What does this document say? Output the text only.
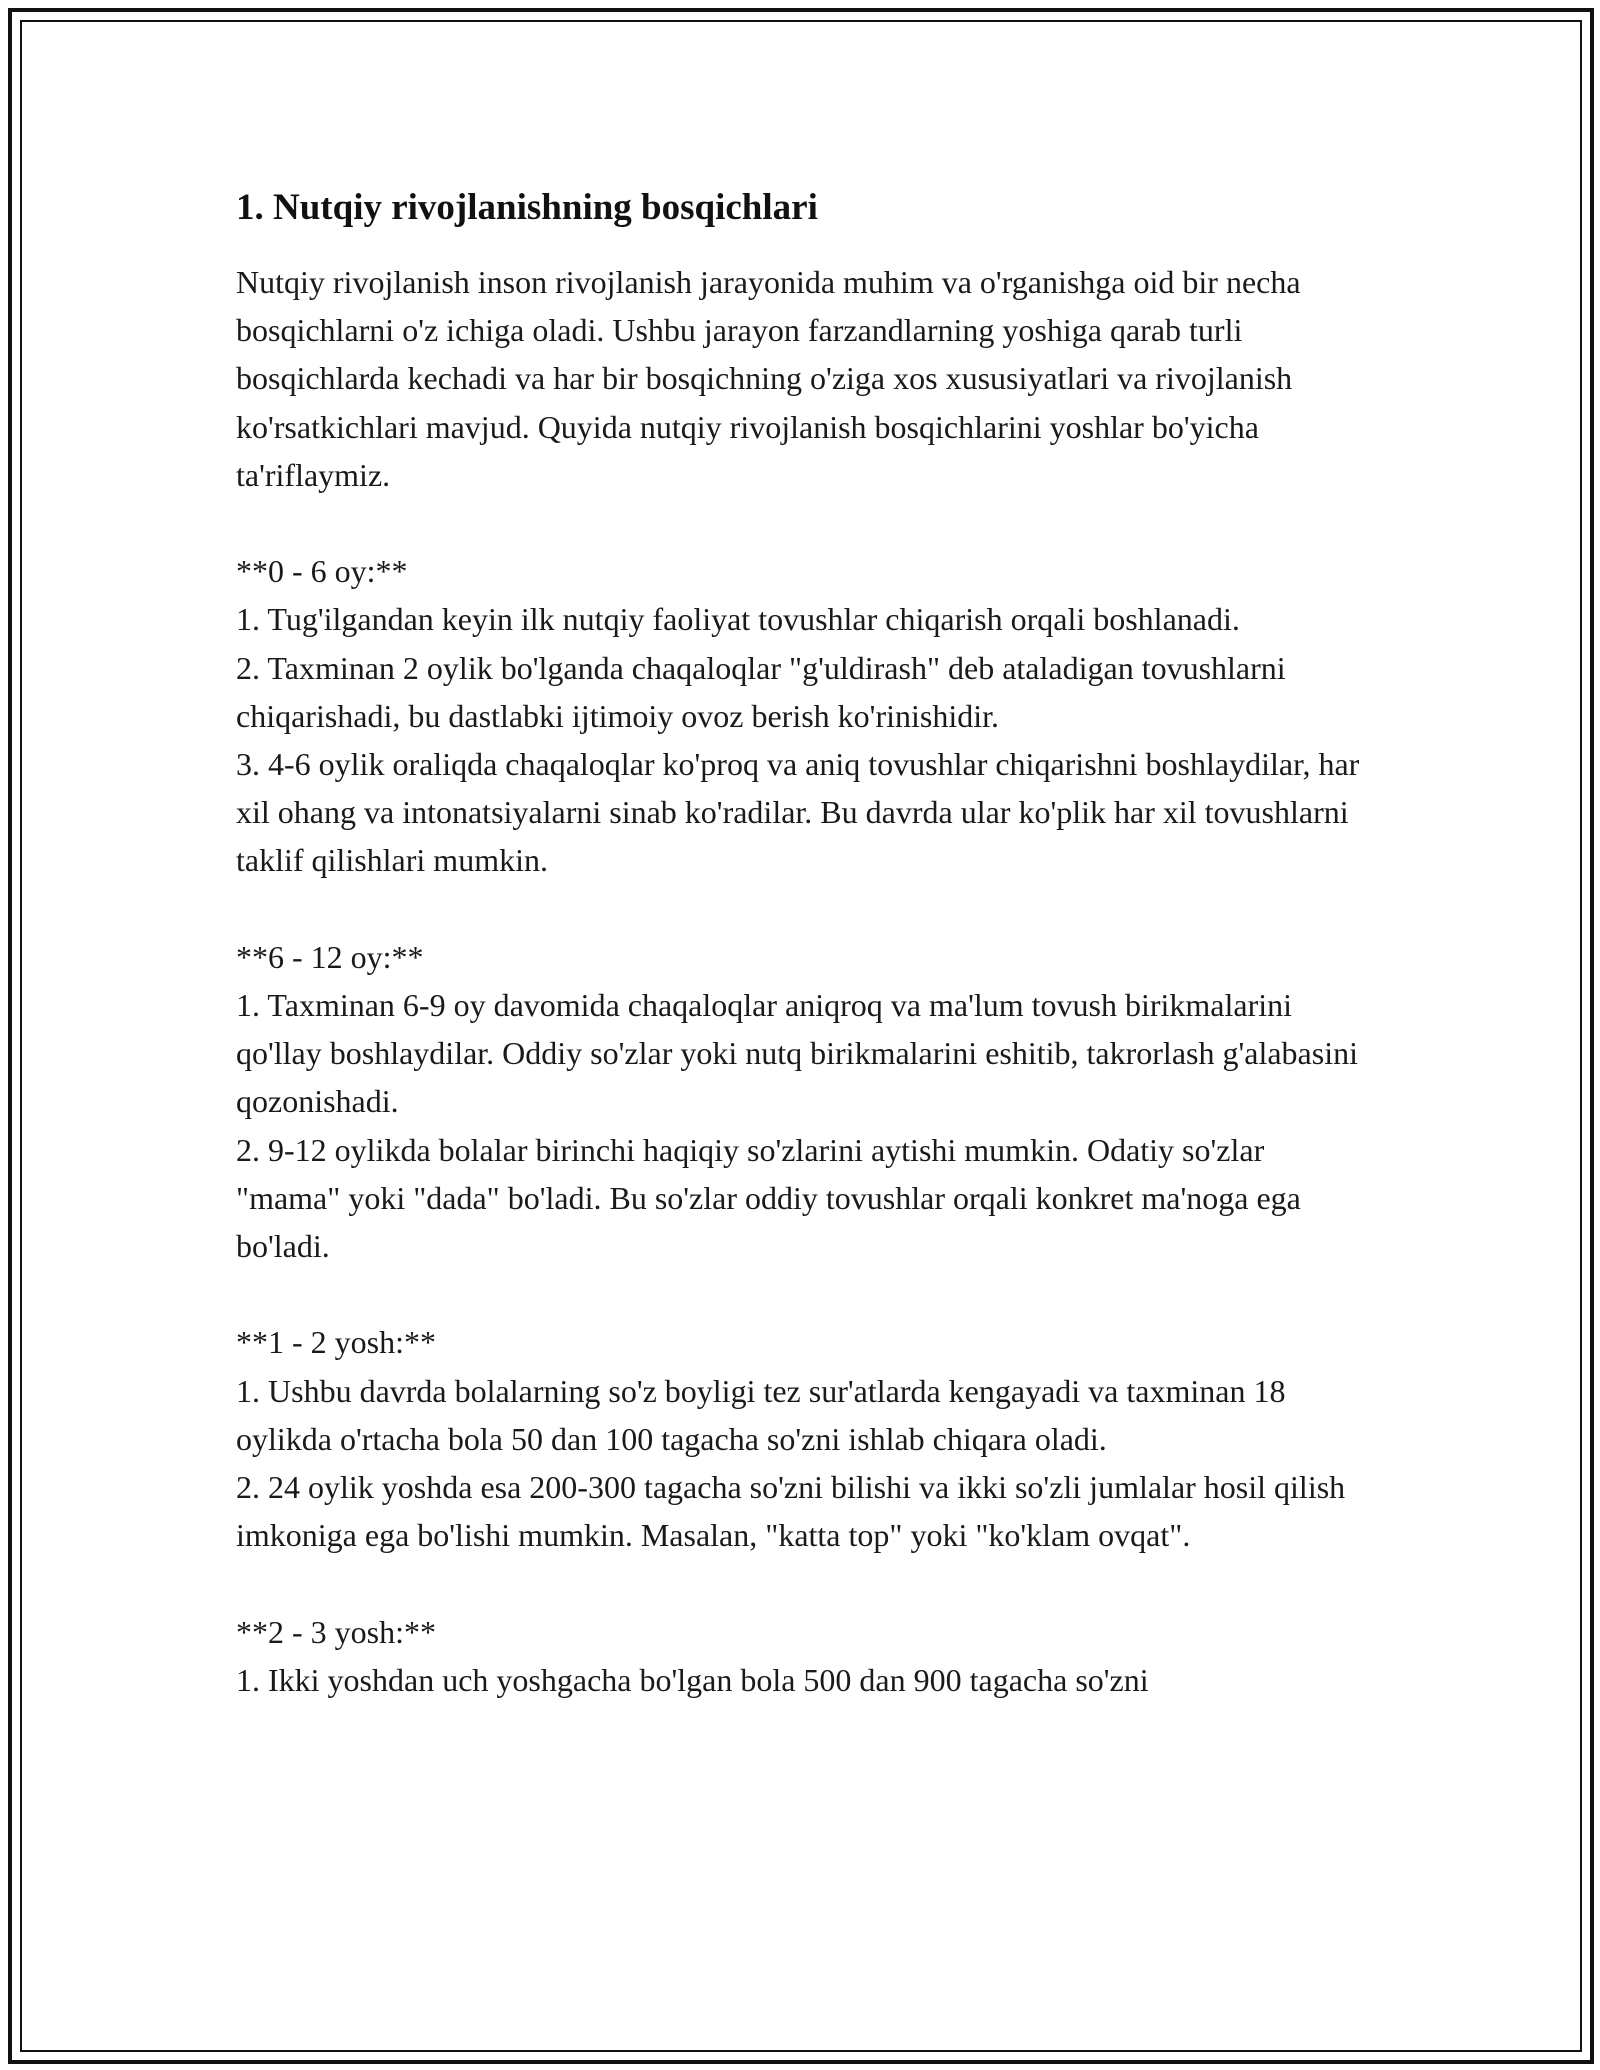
1. Nutqiy rivojlanishning bosqichlari

Nutqiy rivojlanish inson rivojlanish jarayonida muhim va o'rganishga oid bir necha bosqichlarni o'z ichiga oladi. Ushbu jarayon farzandlarning yoshiga qarab turli bosqichlarda kechadi va har bir bosqichning o'ziga xos xususiyatlari va rivojlanish ko'rsatkichlari mavjud. Quyida nutqiy rivojlanish bosqichlarini yoshlar bo'yicha ta'riflaymiz.

**0 - 6 oy:**

1. Tug'ilgandan keyin ilk nutqiy faoliyat tovushlar chiqarish orqali boshlanadi.

2. Taxminan 2 oylik bo'lganda chaqaloqlar "g'uldirash" deb ataladigan tovushlarni chiqarishadi, bu dastlabki ijtimoiy ovoz berish ko'rinishidir.

3. 4-6 oylik oraliqda chaqaloqlar ko'proq va aniq tovushlar chiqarishni boshlaydilar, har xil ohang va intonatsiyalarni sinab ko'radilar. Bu davrda ular ko'plik har xil tovushlarni taklif qilishlari mumkin.

**6 - 12 oy:**

1. Taxminan 6-9 oy davomida chaqaloqlar aniqroq va ma'lum tovush birikmalarini qo'llay boshlaydilar. Oddiy so'zlar yoki nutq birikmalarini eshitib, takrorlash g'alabasini qozonishadi.

2. 9-12 oylikda bolalar birinchi haqiqiy so'zlarini aytishi mumkin. Odatiy so'zlar "mama" yoki "dada" bo'ladi. Bu so'zlar oddiy tovushlar orqali konkret ma'noga ega bo'ladi.

**1 - 2 yosh:**

1. Ushbu davrda bolalarning so'z boyligi tez sur'atlarda kengayadi va taxminan 18 oylikda o'rtacha bola 50 dan 100 tagacha so'zni ishlab chiqara oladi.

2. 24 oylik yoshda esa 200-300 tagacha so'zni bilishi va ikki so'zli jumlalar hosil qilish imkoniga ega bo'lishi mumkin. Masalan, "katta top" yoki "ko'klam ovqat".

**2 - 3 yosh:**

1. Ikki yoshdan uch yoshgacha bo'lgan bola 500 dan 900 tagacha so'zni
